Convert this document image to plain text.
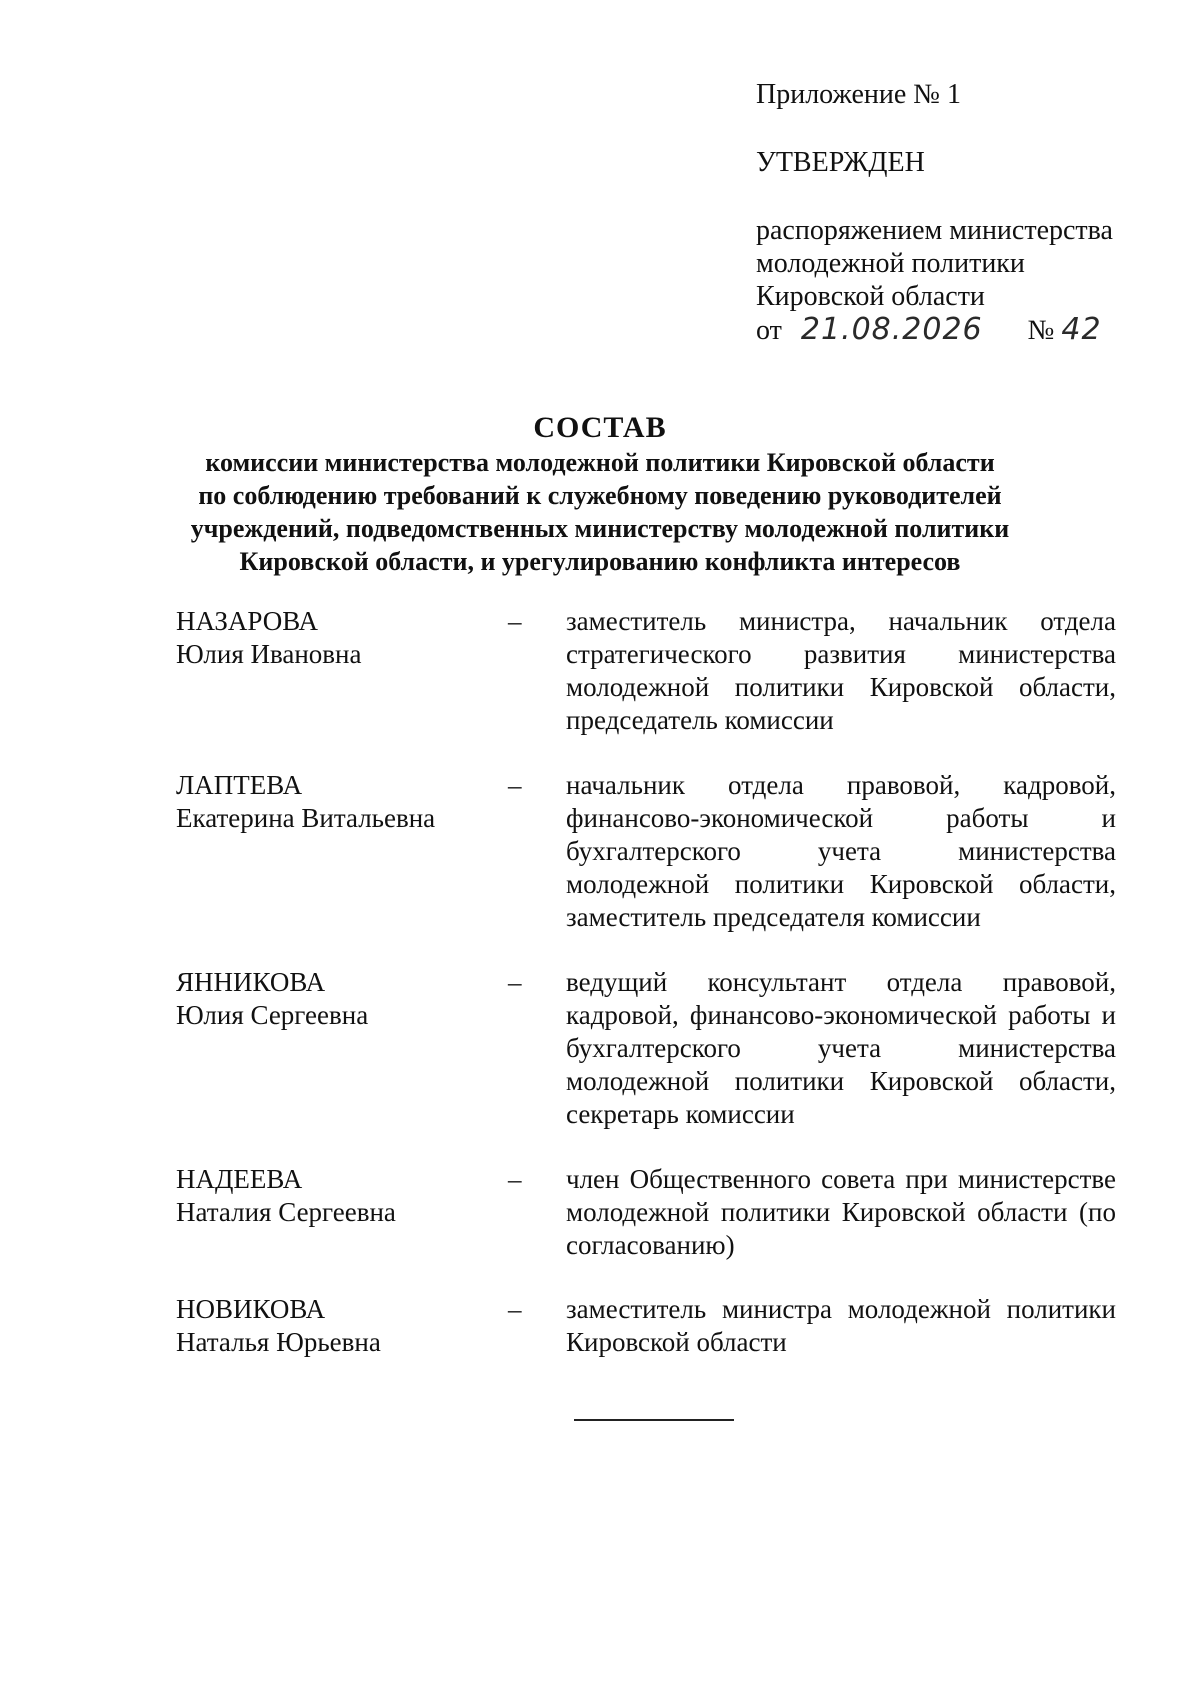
Приложение № 1
УТВЕРЖДЕН
распоряжением министерства
молодежной политики
Кировской области
от 21.08.2026 № 42
СОСТАВ
комиссии министерства молодежной политики Кировской области
по соблюдению требований к служебному поведению руководителей
учреждений, подведомственных министерству молодежной политики
Кировской области, и урегулированию конфликта интересов
НАЗАРОВА
Юлия Ивановна
– заместитель министра, начальник отдела стратегического развития министерства молодежной политики Кировской области, председатель комиссии
ЛАПТЕВА
Екатерина Витальевна
– начальник отдела правовой, кадровой, финансово-экономической работы и бухгалтерского учета министерства молодежной политики Кировской области, заместитель председателя комиссии
ЯННИКОВА
Юлия Сергеевна
– ведущий консультант отдела правовой, кадровой, финансово-экономической работы и бухгалтерского учета министерства молодежной политики Кировской области, секретарь комиссии
НАДЕЕВА
Наталия Сергеевна
– член Общественного совета при министерстве молодежной политики Кировской области (по согласованию)
НОВИКОВА
Наталья Юрьевна
– заместитель министра молодежной политики Кировской области
